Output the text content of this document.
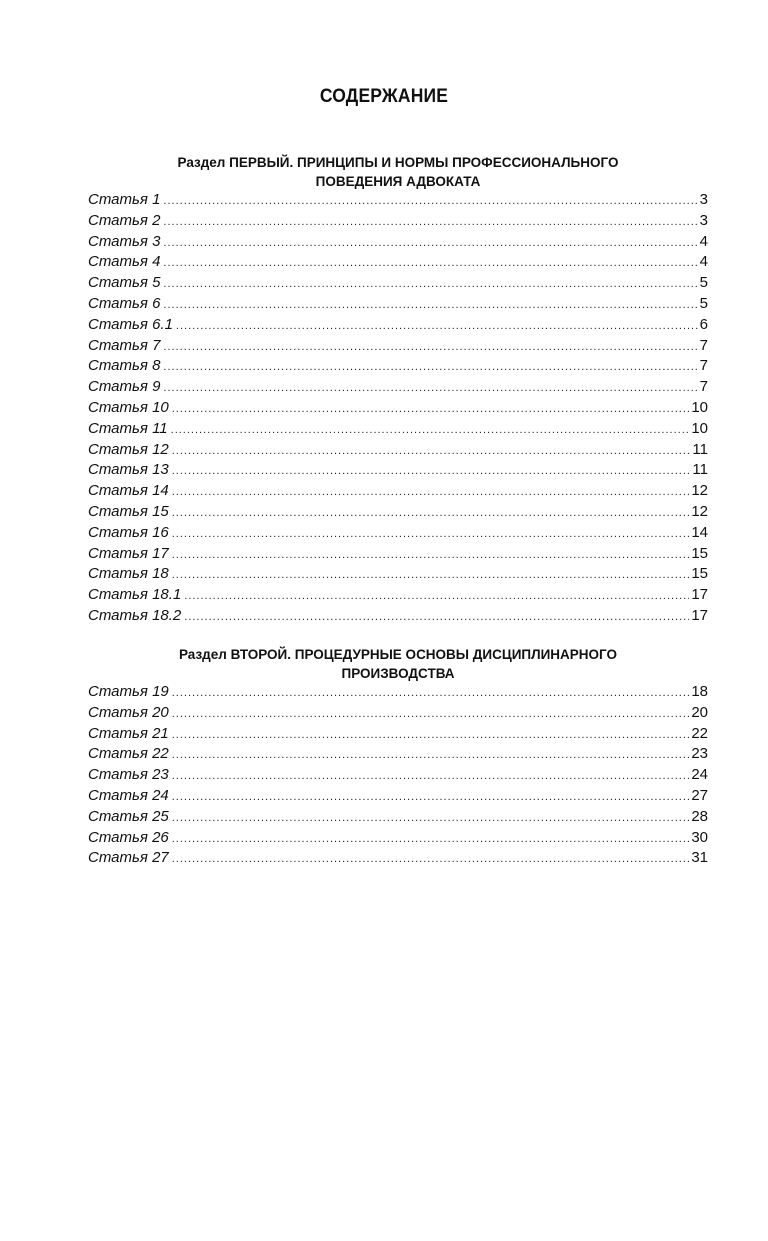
СОДЕРЖАНИЕ
Раздел ПЕРВЫЙ. ПРИНЦИПЫ И НОРМЫ ПРОФЕССИОНАЛЬНОГО
ПОВЕДЕНИЯ АДВОКАТА
Статья 1 .....	3
Статья 2 .....	3
Статья 3 .....	4
Статья 4 .....	4
Статья 5 .....	5
Статья 6 .....	5
Статья 6.1 .....	6
Статья 7 .....	7
Статья 8 .....	7
Статья 9 .....	7
Статья 10 .....	10
Статья 11 .....	10
Статья 12 .....	11
Статья 13 .....	11
Статья 14 .....	12
Статья 15 .....	12
Статья 16 .....	14
Статья 17 .....	15
Статья 18 .....	15
Статья 18.1 .....	17
Статья 18.2 .....	17
Раздел ВТОРОЙ. ПРОЦЕДУРНЫЕ ОСНОВЫ ДИСЦИПЛИНАРНОГО
ПРОИЗВОДСТВА
Статья 19 .....	18
Статья 20 .....	20
Статья 21 .....	22
Статья 22 .....	23
Статья 23 .....	24
Статья 24 .....	27
Статья 25 .....	28
Статья 26 .....	30
Статья 27 .....	31
